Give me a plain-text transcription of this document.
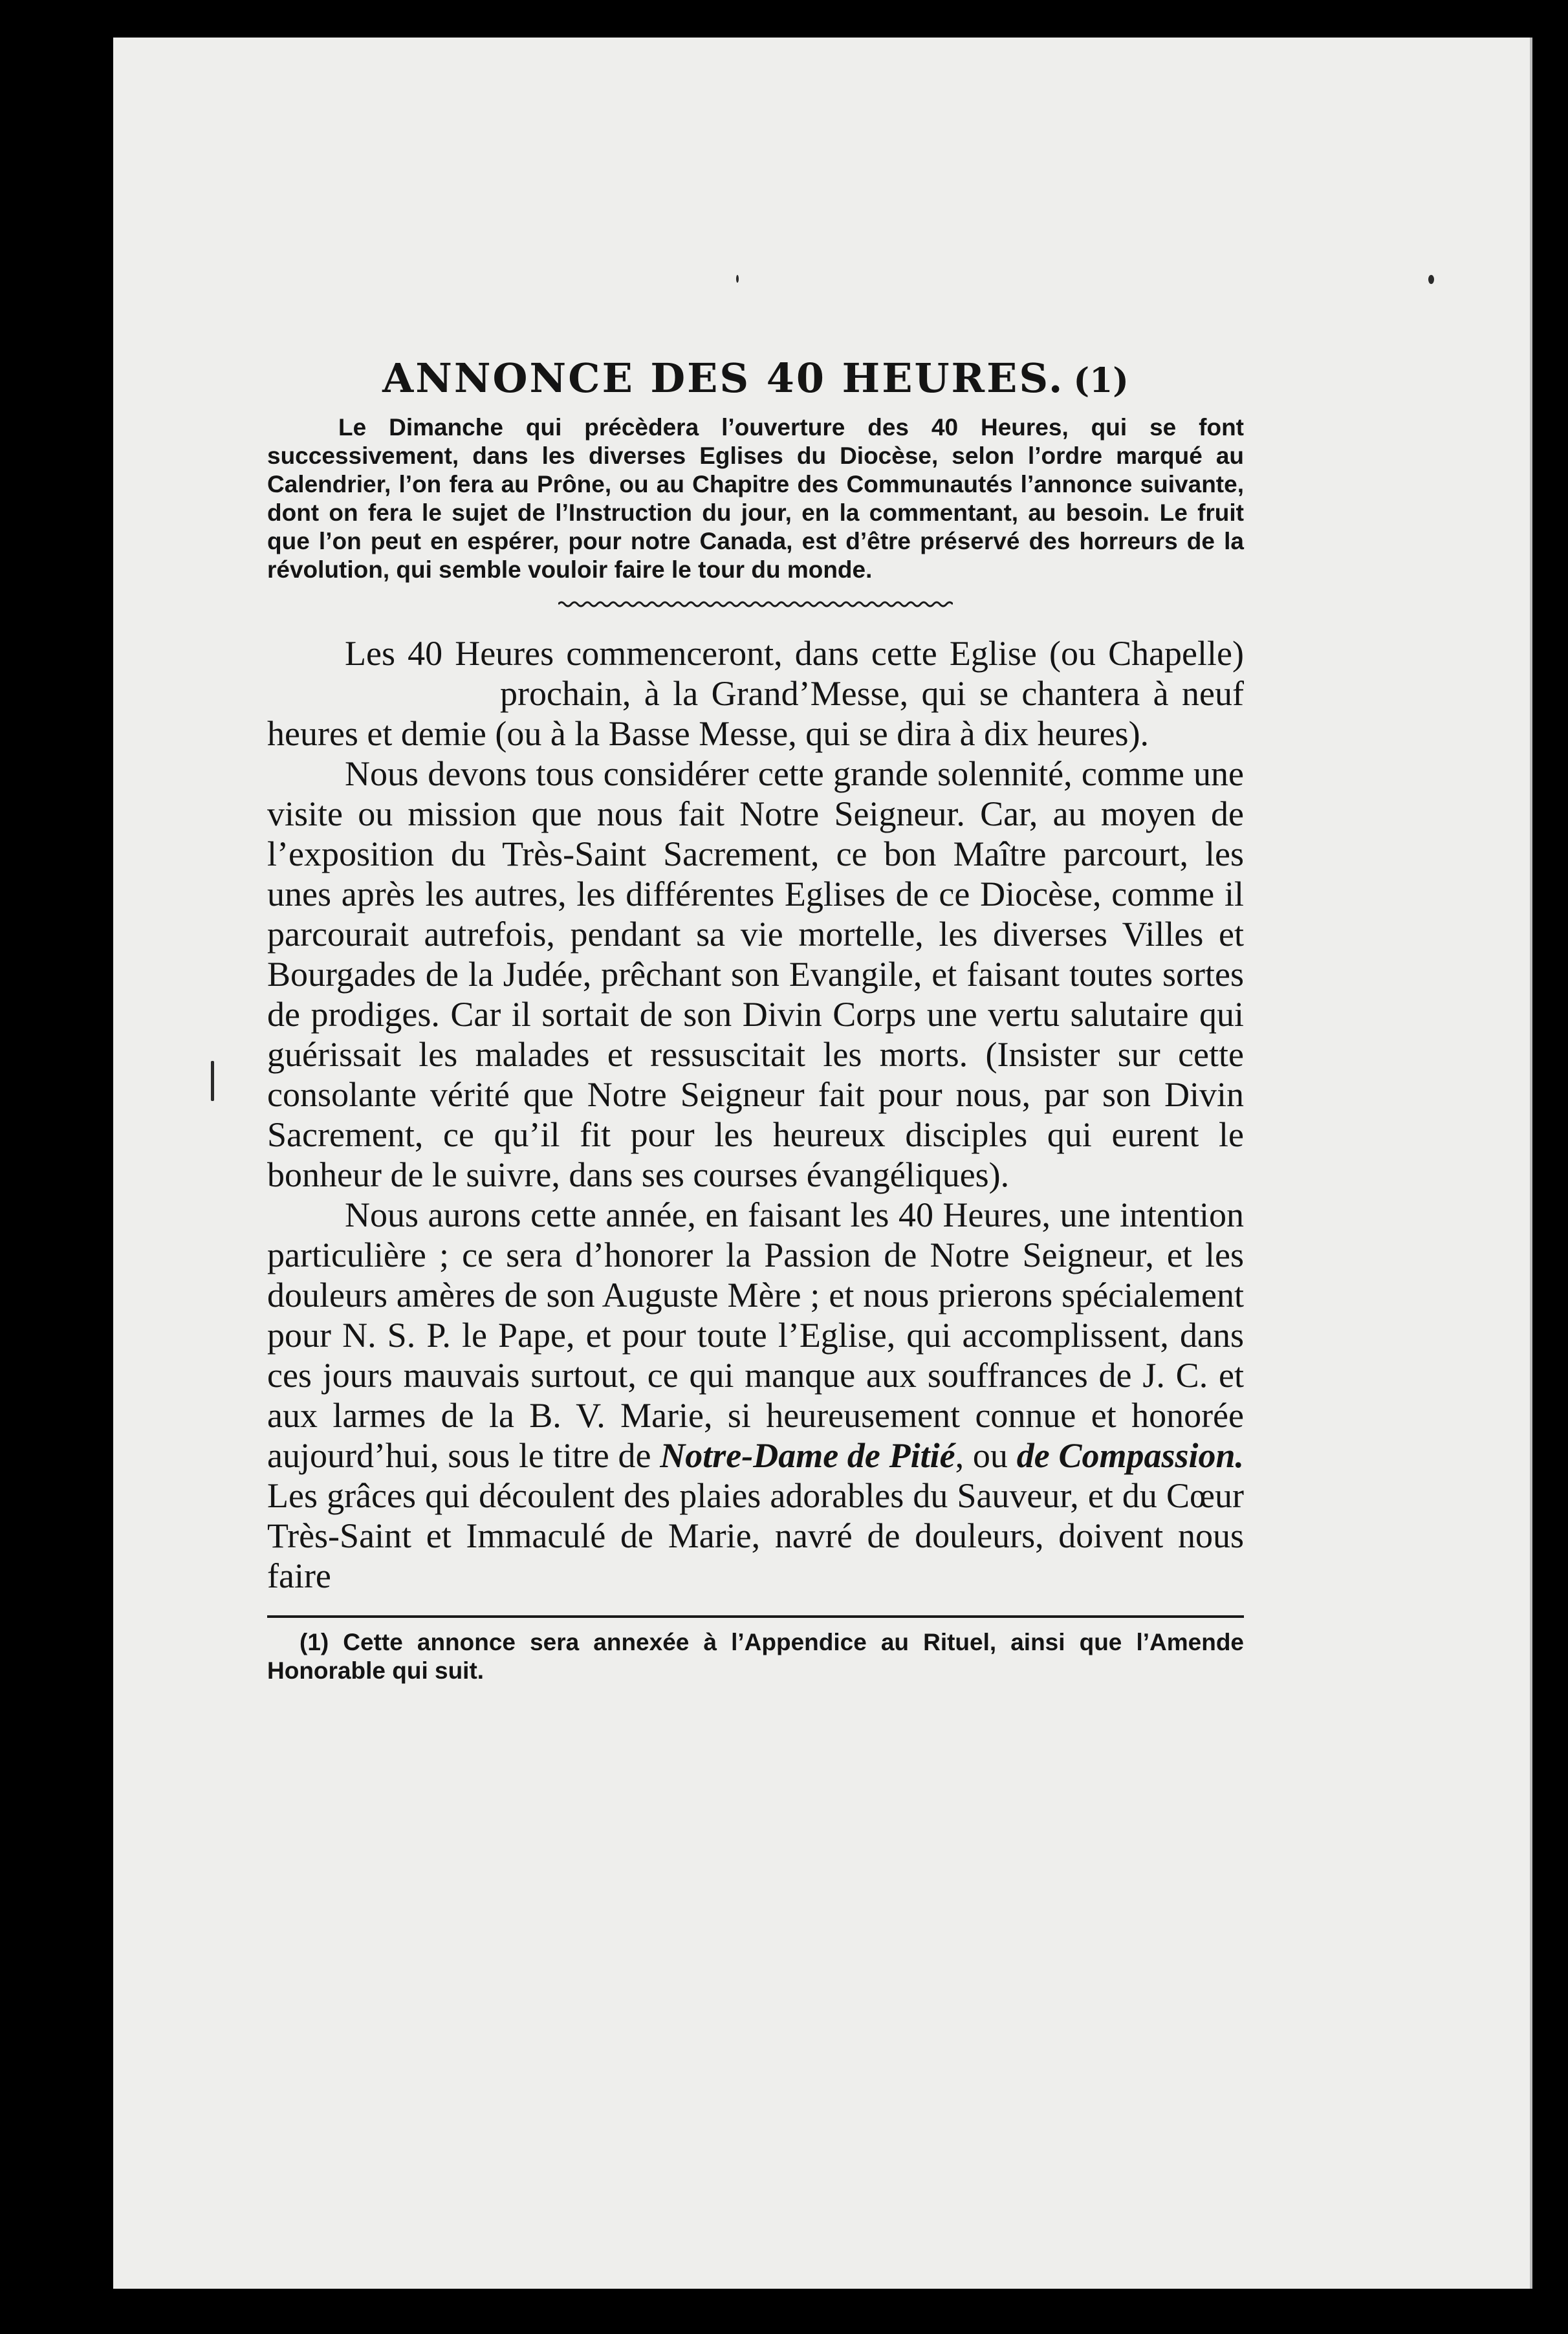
ANNONCE DES 40 HEURES. (1)

Le Dimanche qui précèdera l’ouverture des 40 Heures, qui se font successivement, dans les diverses Eglises du Diocèse, selon l’ordre marqué au Calendrier, l’on fera au Prône, ou au Chapitre des Communautés l’annonce suivante, dont on fera le sujet de l’Instruction du jour, en la commentant, au besoin. Le fruit que l’on peut en espérer, pour notre Canada, est d’être préservé des horreurs de la révolution, qui semble vouloir faire le tour du monde.

Les 40 Heures commenceront, dans cette Eglise (ou Chapelle)prochain, à la Grand’Messe, qui se chantera à neuf heures et demie (ou à la Basse Messe, qui se dira à dix heures).

Nous devons tous considérer cette grande solennité, comme une visite ou mission que nous fait Notre Seigneur. Car, au moyen de l’exposition du Très-Saint Sacrement, ce bon Maître parcourt, les unes après les autres, les différentes Eglises de ce Diocèse, comme il parcourait autrefois, pendant sa vie mortelle, les diverses Villes et Bourgades de la Judée, prêchant son Evangile, et faisant toutes sortes de prodiges. Car il sortait de son Divin Corps une vertu salutaire qui guérissait les malades et ressuscitait les morts. (Insister sur cette consolante vérité que Notre Seigneur fait pour nous, par son Divin Sacrement, ce qu’il fit pour les heureux disciples qui eurent le bonheur de le suivre, dans ses courses évangéliques).

Nous aurons cette année, en faisant les 40 Heures, une intention particulière ; ce sera d’honorer la Passion de Notre Seigneur, et les douleurs amères de son Auguste Mère ; et nous prierons spécialement pour N. S. P. le Pape, et pour toute l’Eglise, qui accomplissent, dans ces jours mauvais surtout, ce qui manque aux souffrances de J. C. et aux larmes de la B. V. Marie, si heureusement connue et honorée aujourd’hui, sous le titre de Notre-Dame de Pitié, ou de Compassion. Les grâces qui découlent des plaies adorables du Sauveur, et du Cœur Très-Saint et Immaculé de Marie, navré de douleurs, doivent nous faire

(1) Cette annonce sera annexée à l’Appendice au Rituel, ainsi que l’Amende Honorable qui suit.
